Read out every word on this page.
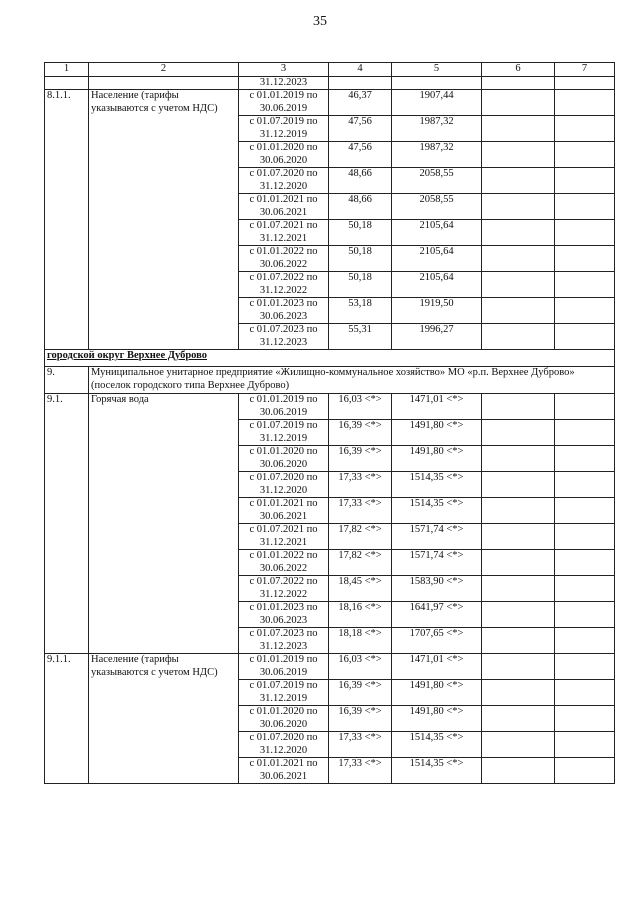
35
1	2	3	4	5	6	7
		31.12.2023				
8.1.1.	Население (тарифы указываются с учетом НДС)	с 01.01.2019 по 30.06.2019	46,37	1907,44		
		с 01.07.2019 по 31.12.2019	47,56	1987,32		
		с 01.01.2020 по 30.06.2020	47,56	1987,32		
		с 01.07.2020 по 31.12.2020	48,66	2058,55		
		с 01.01.2021 по 30.06.2021	48,66	2058,55		
		с 01.07.2021 по 31.12.2021	50,18	2105,64		
		с 01.01.2022 по 30.06.2022	50,18	2105,64		
		с 01.07.2022 по 31.12.2022	50,18	2105,64		
		с 01.01.2023 по 30.06.2023	53,18	1919,50		
		с 01.07.2023 по 31.12.2023	55,31	1996,27		
городской округ Верхнее Дуброво						
9.	Муниципальное унитарное предприятие «Жилищно-коммунальное хозяйство» МО «р.п. Верхнее Дуброво» (поселок городского типа Верхнее Дуброво)					
9.1.	Горячая вода	с 01.01.2019 по 30.06.2019	16,03 <*>	1471,01 <*>		
		с 01.07.2019 по 31.12.2019	16,39 <*>	1491,80 <*>		
		с 01.01.2020 по 30.06.2020	16,39 <*>	1491,80 <*>		
		с 01.07.2020 по 31.12.2020	17,33 <*>	1514,35 <*>		
		с 01.01.2021 по 30.06.2021	17,33 <*>	1514,35 <*>		
		с 01.07.2021 по 31.12.2021	17,82 <*>	1571,74 <*>		
		с 01.01.2022 по 30.06.2022	17,82 <*>	1571,74 <*>		
		с 01.07.2022 по 31.12.2022	18,45 <*>	1583,90 <*>		
		с 01.01.2023 по 30.06.2023	18,16 <*>	1641,97 <*>		
		с 01.07.2023 по 31.12.2023	18,18 <*>	1707,65 <*>		
9.1.1.	Население (тарифы указываются с учетом НДС)	с 01.01.2019 по 30.06.2019	16,03 <*>	1471,01 <*>		
		с 01.07.2019 по 31.12.2019	16,39 <*>	1491,80 <*>		
		с 01.01.2020 по 30.06.2020	16,39 <*>	1491,80 <*>		
		с 01.07.2020 по 31.12.2020	17,33 <*>	1514,35 <*>		
		с 01.01.2021 по 30.06.2021	17,33 <*>	1514,35 <*>		
